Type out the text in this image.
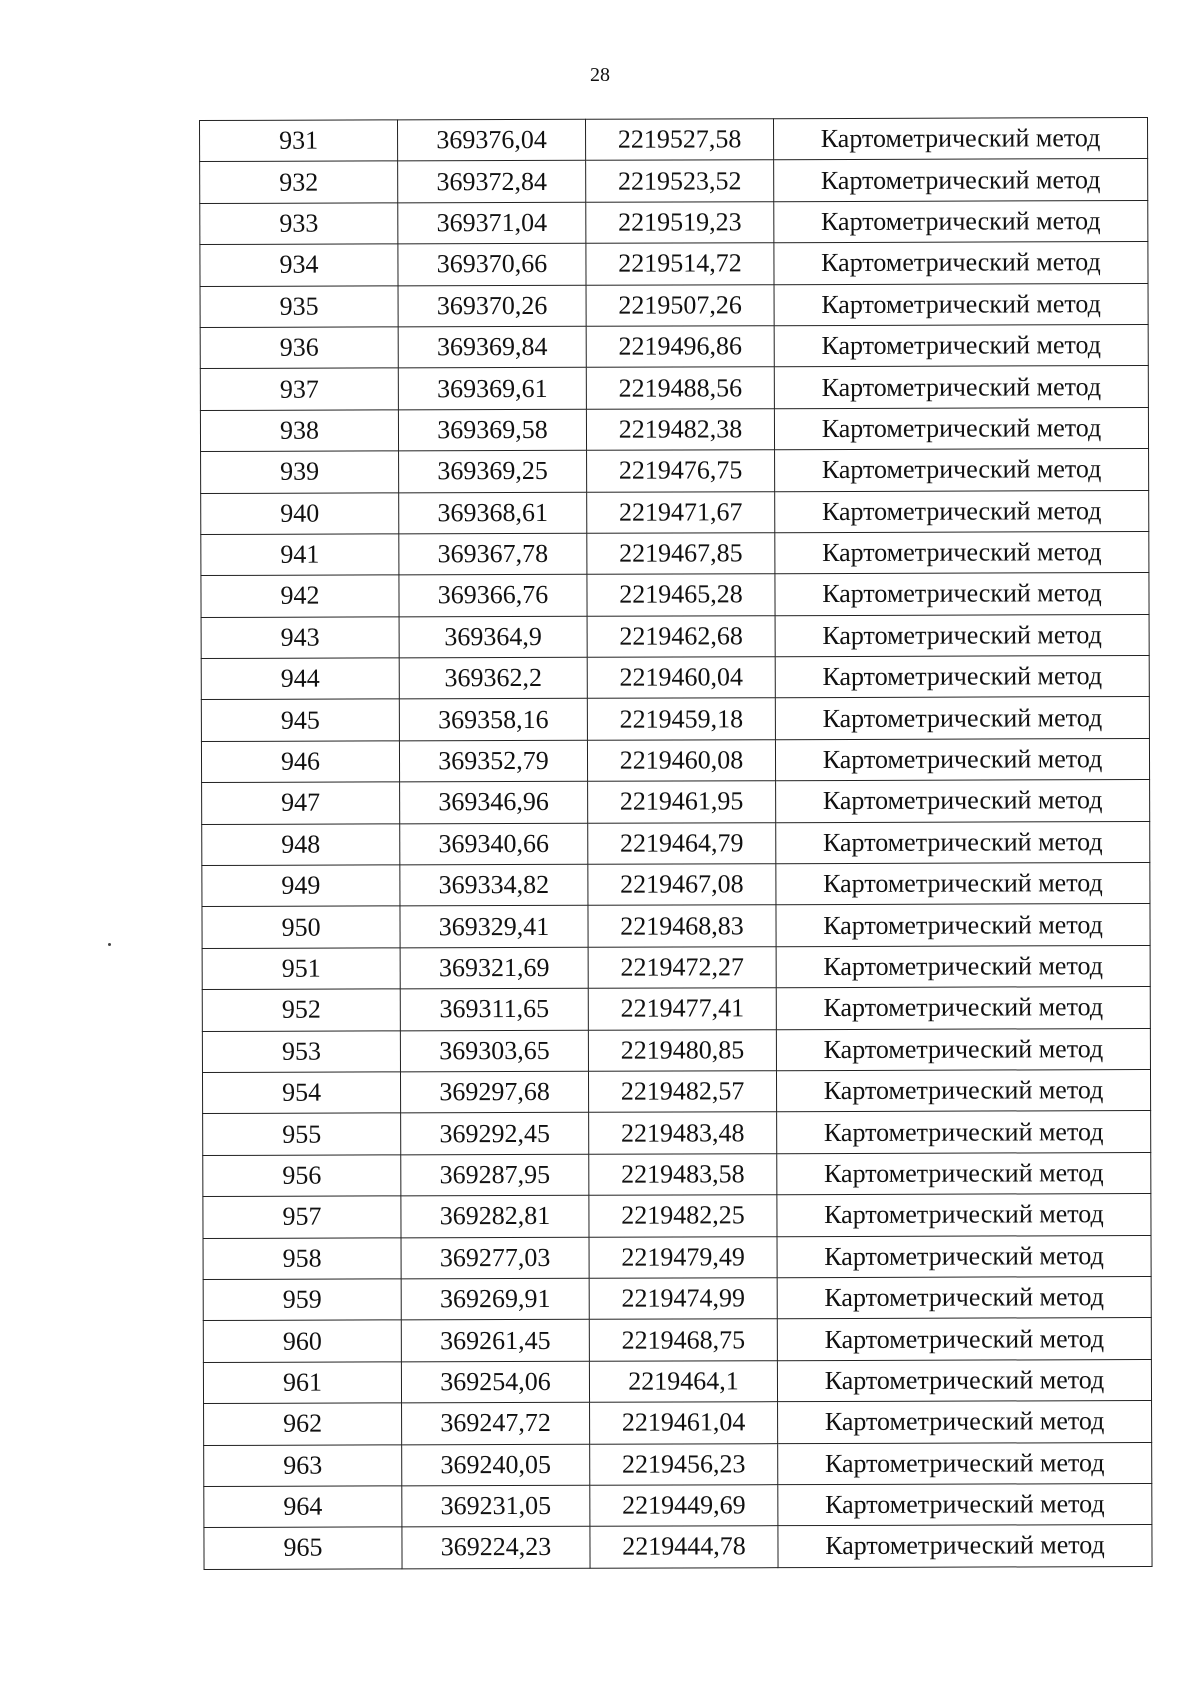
28
931	369376,04	2219527,58	Картометрический метод
932	369372,84	2219523,52	Картометрический метод
933	369371,04	2219519,23	Картометрический метод
934	369370,66	2219514,72	Картометрический метод
935	369370,26	2219507,26	Картометрический метод
936	369369,84	2219496,86	Картометрический метод
937	369369,61	2219488,56	Картометрический метод
938	369369,58	2219482,38	Картометрический метод
939	369369,25	2219476,75	Картометрический метод
940	369368,61	2219471,67	Картометрический метод
941	369367,78	2219467,85	Картометрический метод
942	369366,76	2219465,28	Картометрический метод
943	369364,9	2219462,68	Картометрический метод
944	369362,2	2219460,04	Картометрический метод
945	369358,16	2219459,18	Картометрический метод
946	369352,79	2219460,08	Картометрический метод
947	369346,96	2219461,95	Картометрический метод
948	369340,66	2219464,79	Картометрический метод
949	369334,82	2219467,08	Картометрический метод
950	369329,41	2219468,83	Картометрический метод
951	369321,69	2219472,27	Картометрический метод
952	369311,65	2219477,41	Картометрический метод
953	369303,65	2219480,85	Картометрический метод
954	369297,68	2219482,57	Картометрический метод
955	369292,45	2219483,48	Картометрический метод
956	369287,95	2219483,58	Картометрический метод
957	369282,81	2219482,25	Картометрический метод
958	369277,03	2219479,49	Картометрический метод
959	369269,91	2219474,99	Картометрический метод
960	369261,45	2219468,75	Картометрический метод
961	369254,06	2219464,1	Картометрический метод
962	369247,72	2219461,04	Картометрический метод
963	369240,05	2219456,23	Картометрический метод
964	369231,05	2219449,69	Картометрический метод
965	369224,23	2219444,78	Картометрический метод
